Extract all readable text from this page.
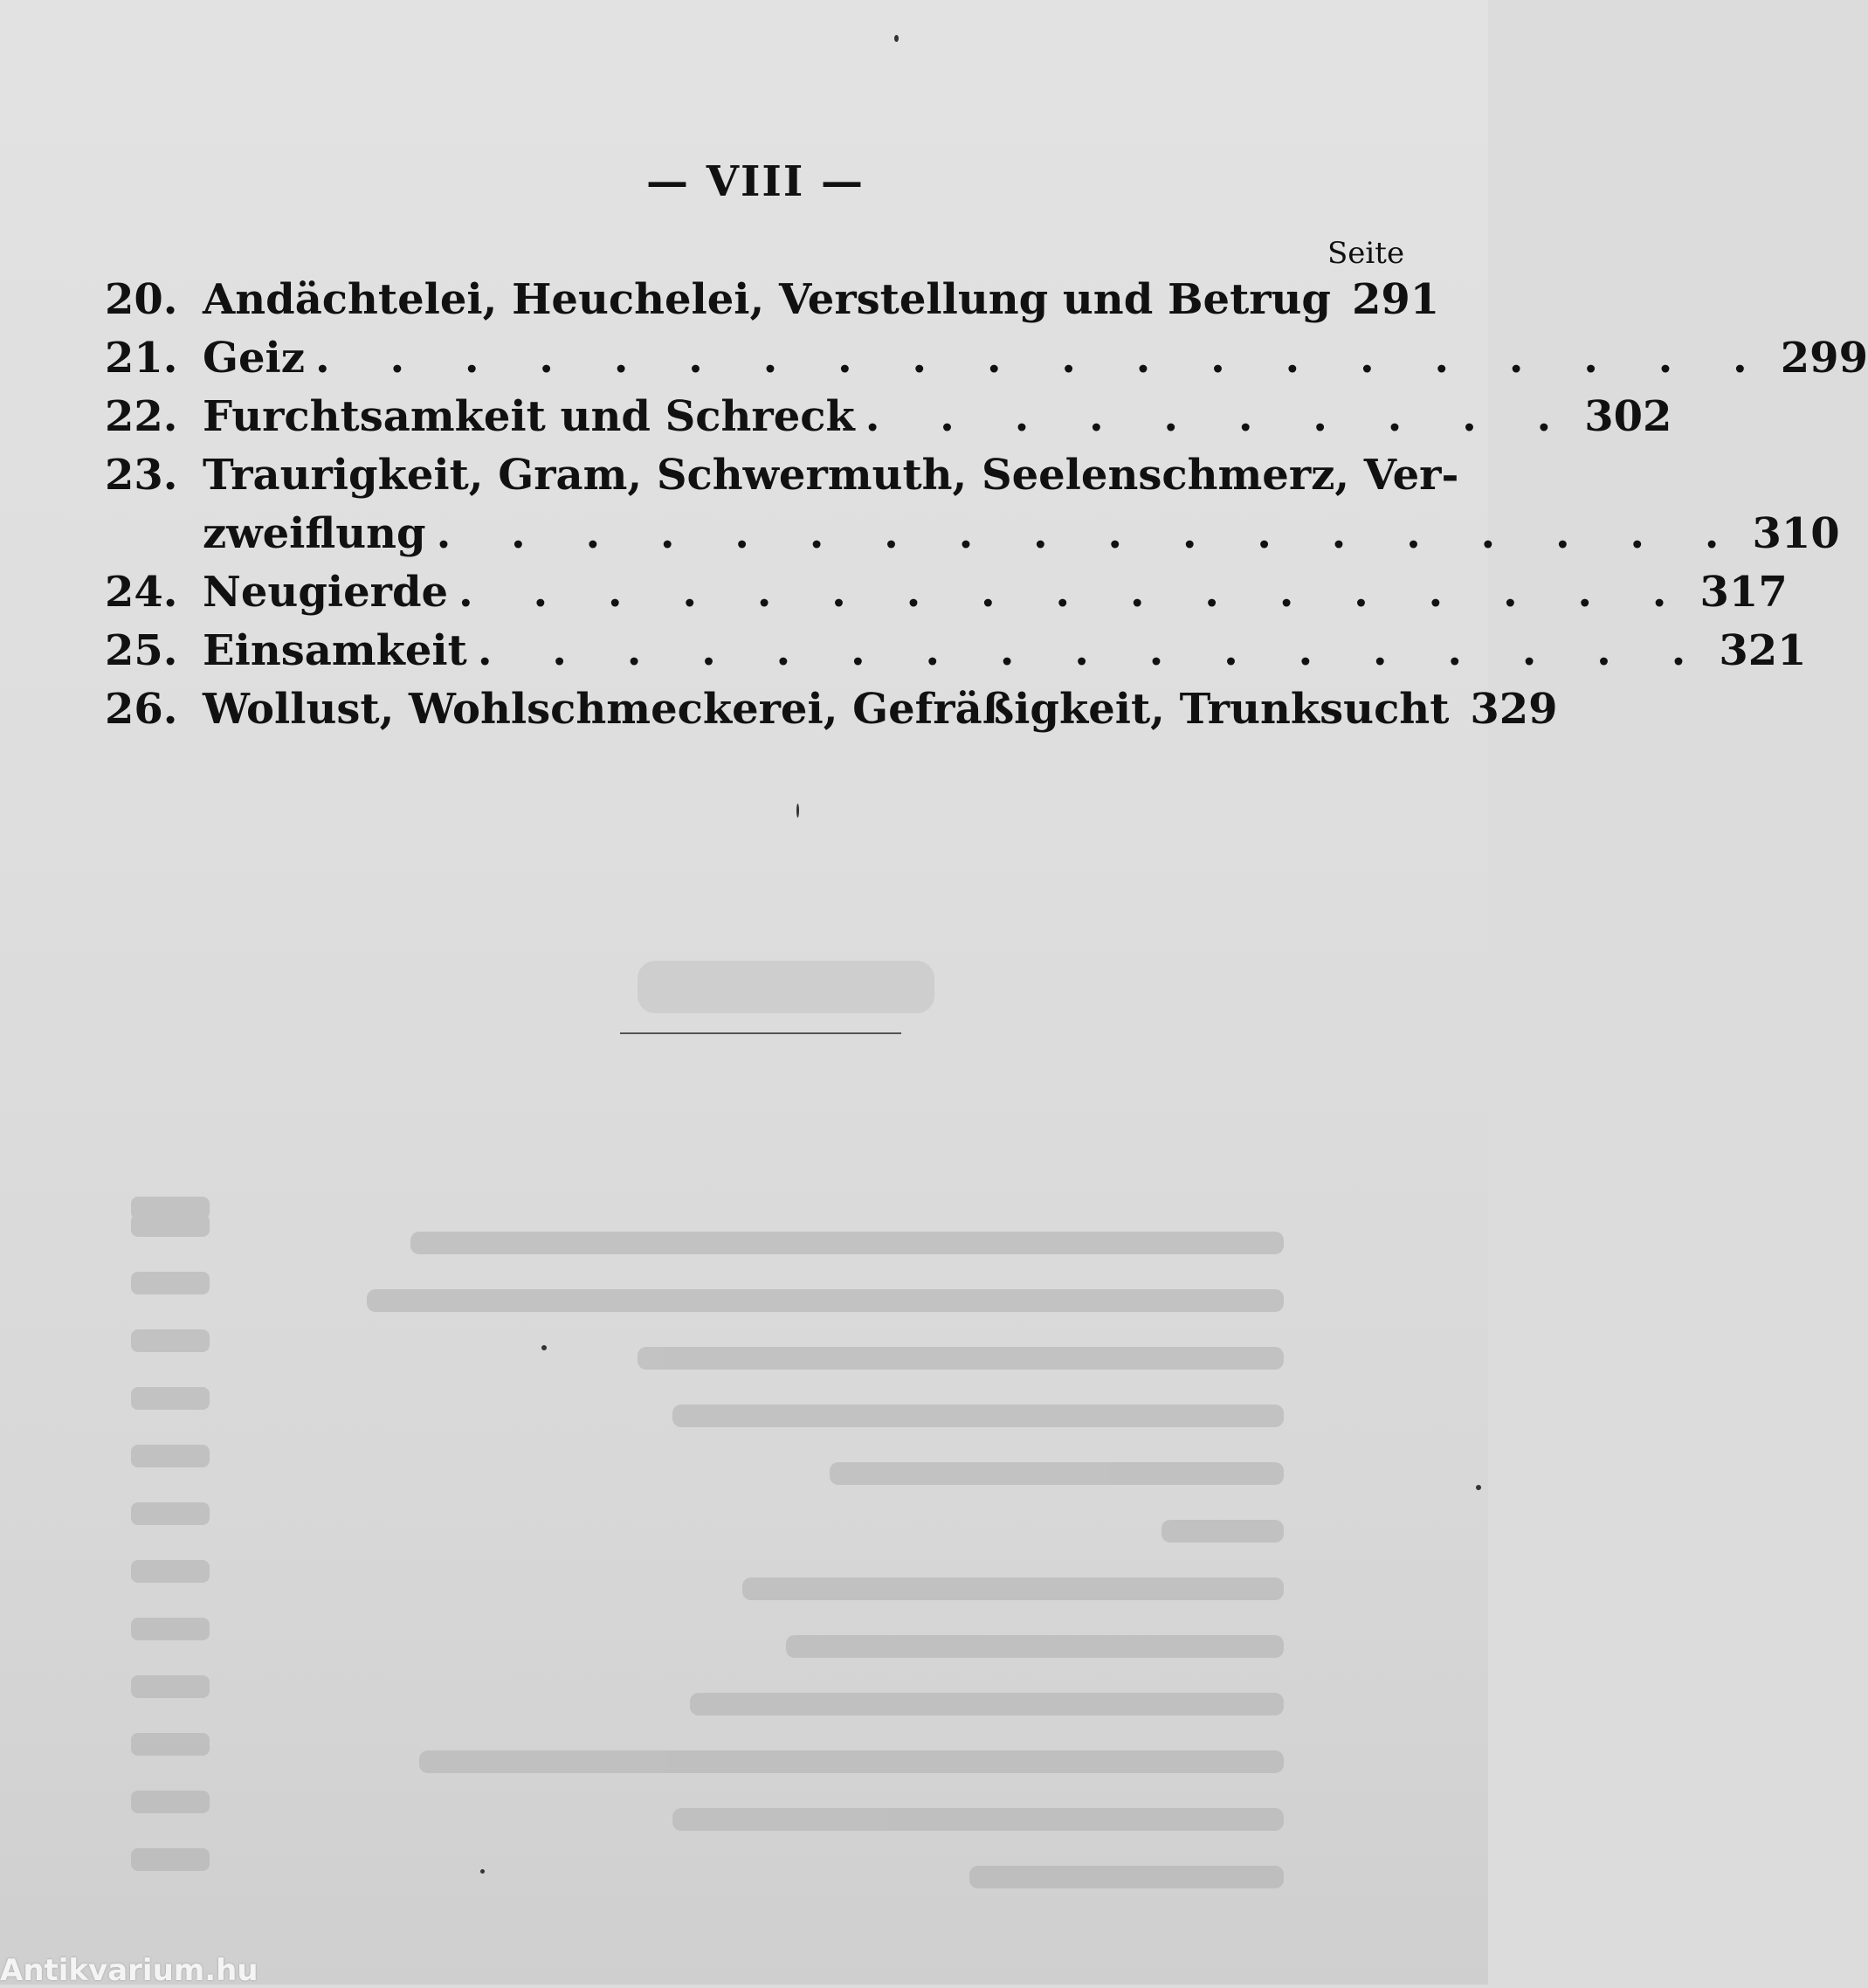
— VIII —
Seite
20. Andächtelei, Heuchelei, Verstellung und Betrug 291
21. Geiz . . . . . . . . . . . . . . . . . . . . 299
22. Furchtsamkeit und Schreck . . . . . . . . . . 302
23. Traurigkeit, Gram, Schwermuth, Seelenschmerz, Ver-
zweiflung . . . . . . . . . . . . . . . . . . 310
24. Neugierde . . . . . . . . . . . . . . . . . 317
25. Einsamkeit . . . . . . . . . . . . . . . . . 321
26. Wollust, Wohlschmeckerei, Gefräßigkeit, Trunksucht 329
Antikvarium.hu
